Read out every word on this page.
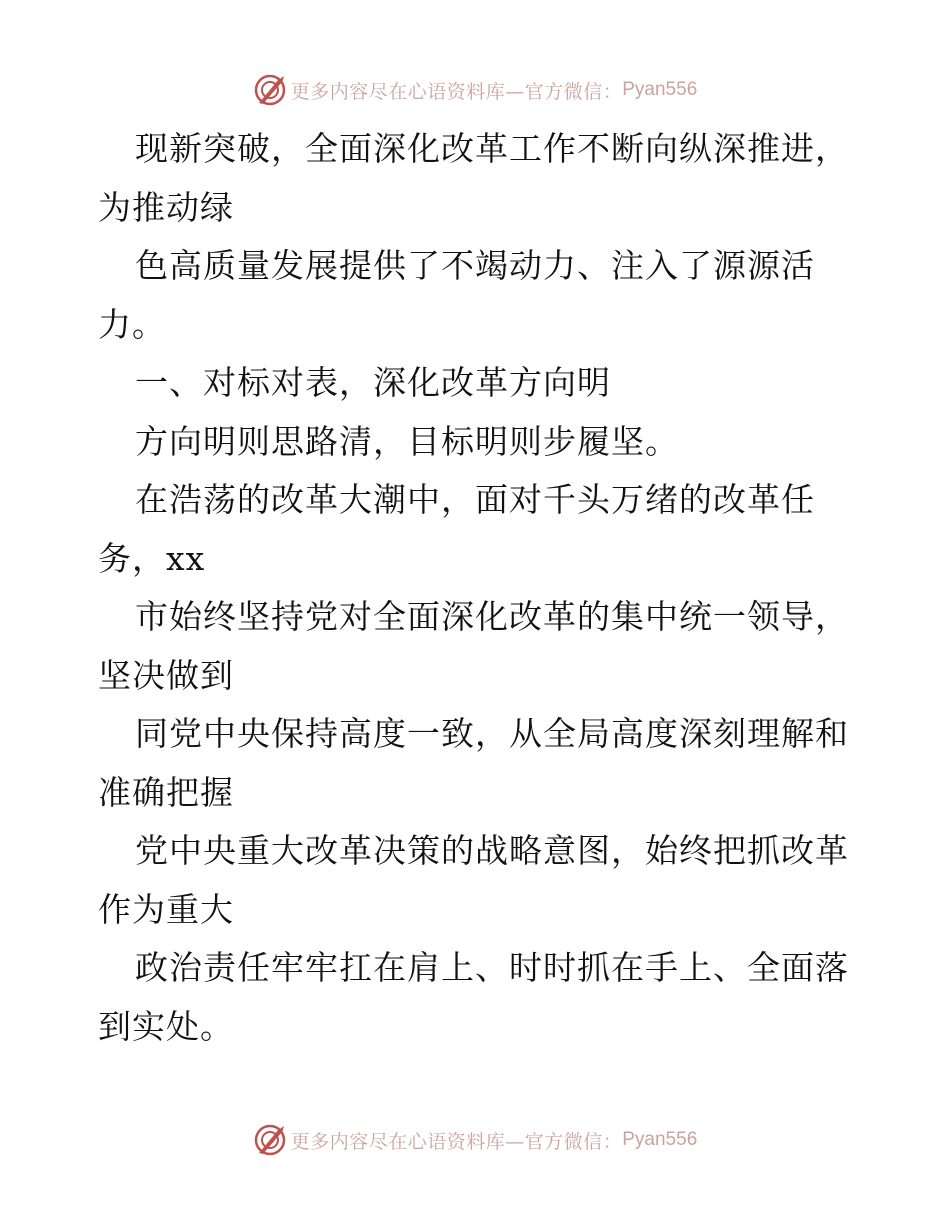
更多内容尽在心语资料库—官方微信： Pyan556
现新突破，全面深化改革工作不断向纵深推进，
为推动绿
色高质量发展提供了不竭动力、注入了源源活
力。
一、对标对表，深化改革方向明
方向明则思路清，目标明则步履坚。
在浩荡的改革大潮中，面对千头万绪的改革任
务，xx
市始终坚持党对全面深化改革的集中统一领导，
坚决做到
同党中央保持高度一致，从全局高度深刻理解和
准确把握
党中央重大改革决策的战略意图，始终把抓改革
作为重大
政治责任牢牢扛在肩上、时时抓在手上、全面落
到实处。
更多内容尽在心语资料库—官方微信： Pyan556
